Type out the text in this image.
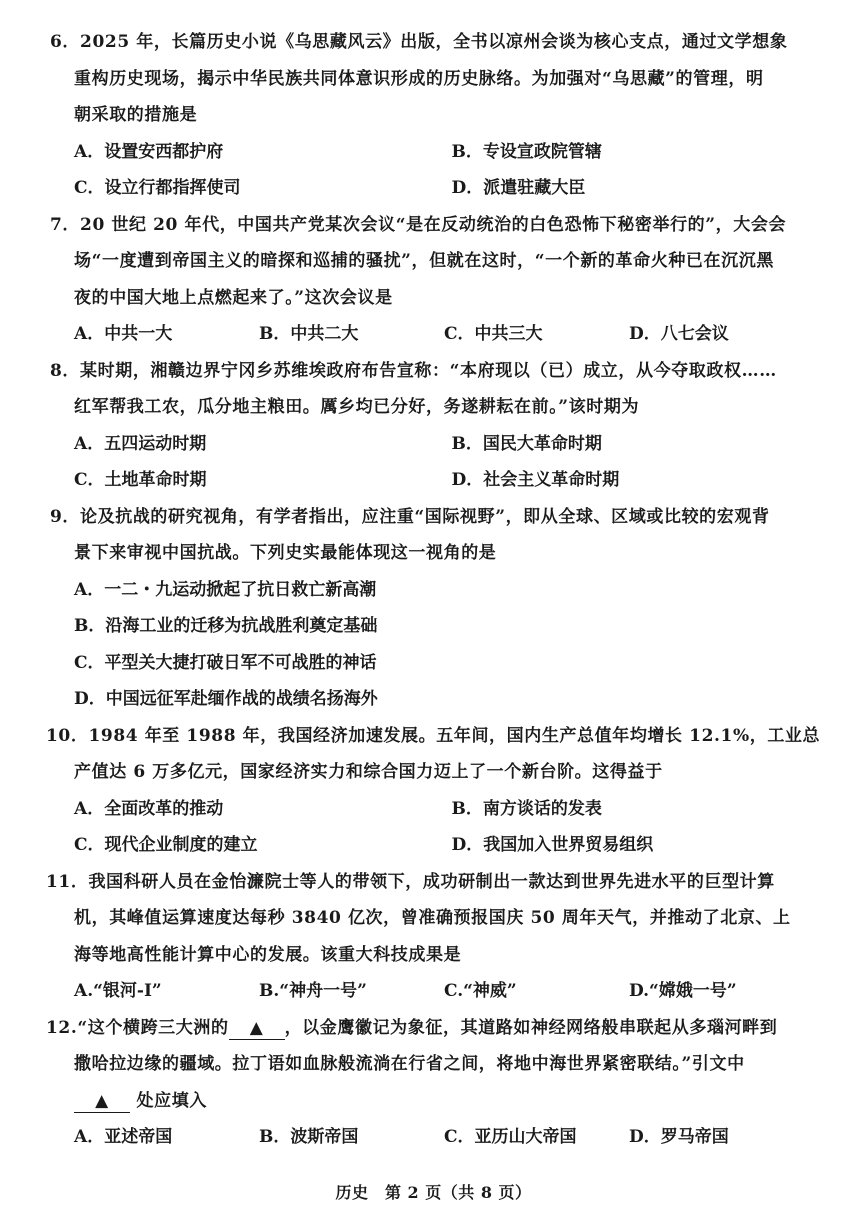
6．2025 年，长篇历史小说《乌思藏风云》出版，全书以凉州会谈为核心支点，通过文学想象
重构历史现场，揭示中华民族共同体意识形成的历史脉络。为加强对“乌思藏”的管理，明
朝采取的措施是
A．设置安西都护府	B．专设宣政院管辖
C．设立行都指挥使司	D．派遣驻藏大臣
7．20 世纪 20 年代，中国共产党某次会议“是在反动统治的白色恐怖下秘密举行的”，大会会
场“一度遭到帝国主义的暗探和巡捕的骚扰”，但就在这时，“一个新的革命火种已在沉沉黑
夜的中国大地上点燃起来了。”这次会议是
A．中共一大	B．中共二大	C．中共三大	D．八七会议
8．某时期，湘赣边界宁冈乡苏维埃政府布告宣称：“本府现以（已）成立，从今夺取政权……
红军帮我工农，瓜分地主粮田。厲乡均已分好，务遂耕耘在前。”该时期为
A．五四运动时期	B．国民大革命时期
C．土地革命时期	D．社会主义革命时期
9．论及抗战的研究视角，有学者指出，应注重“国际视野”，即从全球、区域或比较的宏观背
景下来审视中国抗战。下列史实最能体现这一视角的是
A．一二・九运动掀起了抗日救亡新高潮
B．沿海工业的迁移为抗战胜利奠定基础
C．平型关大捷打破日军不可战胜的神话
D．中国远征军赴缅作战的战绩名扬海外
10．1984 年至 1988 年，我国经济加速发展。五年间，国内生产总值年均增长 12.1%，工业总
产值达 6 万多亿元，国家经济实力和综合国力迈上了一个新台阶。这得益于
A．全面改革的推动	B．南方谈话的发表
C．现代企业制度的建立	D．我国加入世界贸易组织
11．我国科研人员在金怡濂院士等人的带领下，成功研制出一款达到世界先进水平的巨型计算
机，其峰值运算速度达每秒 3840 亿次，曾准确预报国庆 50 周年天气，并推动了北京、上
海等地高性能计算中心的发展。该重大科技成果是
A.“银河-I”	B.“神舟一号”	C.“神威”	D.“嫦娥一号”
12.“这个横跨三大洲的 ▲ ，以金鹰徽记为象征，其道路如神经网络般串联起从多瑙河畔到
撒哈拉边缘的疆域。拉丁语如血脉般流淌在行省之间，将地中海世界紧密联结。”引文中
▲ 处应填入
A．亚述帝国	B．波斯帝国	C．亚历山大帝国	D．罗马帝国
历史　第 2 页（共 8 页）
